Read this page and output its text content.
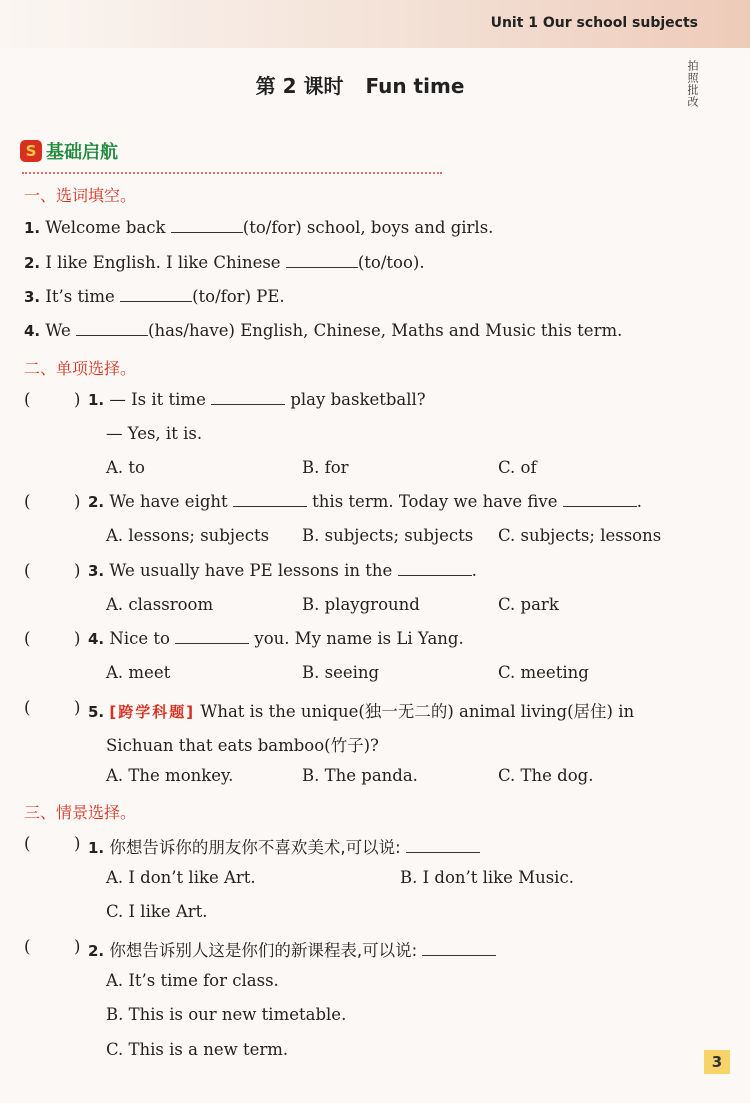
Unit 1 Our school subjects
拍照批改
第 2 课时 Fun time
S 基础启航
一、选词填空。
1. Welcome back	(to/for) school, boys and girls.
2. I like English. I like Chinese	(to/too).
3. It’s time	(to/for) PE.
4. We	(has/have) English, Chinese, Maths and Music this term.
二、单项选择。
(	) 1. — Is it time	play basketball?
— Yes, it is.
A. to	B. for	C. of
(	) 2. We have eight	this term. Today we have five	.
A. lessons; subjects B. subjects; subjects C. subjects; lessons
(	) 3. We usually have PE lessons in the	.
A. classroom	B. playground	C. park
(	) 4. Nice to	you. My name is Li Yang.
A. meet	B. seeing	C. meeting
(	) 5. [跨学科题] What is the unique(独一无二的) animal living(居住) in
Sichuan that eats bamboo(竹子)?
A. The monkey.	B. The panda.	C. The dog.
三、情景选择。
(	) 1. 你想告诉你的朋友你不喜欢美术,可以说:
A. I don’t like Art.	B. I don’t like Music.
C. I like Art.
(	) 2. 你想告诉别人这是你们的新课程表,可以说:
A. It’s time for class.
B. This is our new timetable.
C. This is a new term.
3
